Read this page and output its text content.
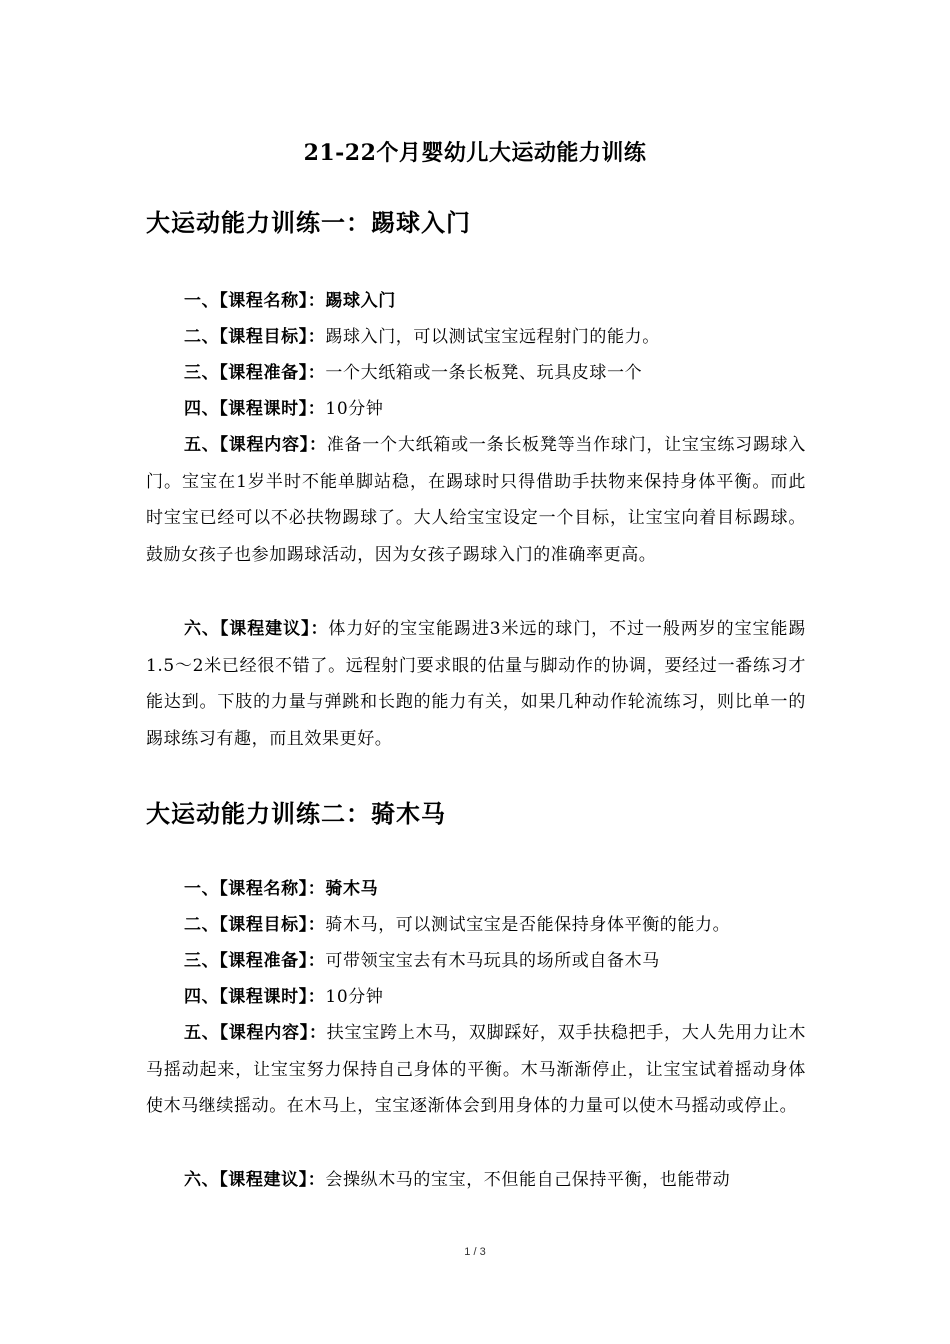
21-22个月婴幼儿大运动能力训练
大运动能力训练一：踢球入门
一、【课程名称】：踢球入门
二、【课程目标】：踢球入门，可以测试宝宝远程射门的能力。
三、【课程准备】：一个大纸箱或一条长板凳、玩具皮球一个
四、【课程课时】：10分钟
五、【课程内容】：准备一个大纸箱或一条长板凳等当作球门，让宝宝练习踢球入门。宝宝在1岁半时不能单脚站稳，在踢球时只得借助手扶物来保持身体平衡。而此时宝宝已经可以不必扶物踢球了。大人给宝宝设定一个目标，让宝宝向着目标踢球。鼓励女孩子也参加踢球活动，因为女孩子踢球入门的准确率更高。
六、【课程建议】：体力好的宝宝能踢进3米远的球门，不过一般两岁的宝宝能踢1.5～2米已经很不错了。远程射门要求眼的估量与脚动作的协调，要经过一番练习才能达到。下肢的力量与弹跳和长跑的能力有关，如果几种动作轮流练习，则比单一的踢球练习有趣，而且效果更好。
大运动能力训练二：骑木马
一、【课程名称】：骑木马
二、【课程目标】：骑木马，可以测试宝宝是否能保持身体平衡的能力。
三、【课程准备】：可带领宝宝去有木马玩具的场所或自备木马
四、【课程课时】：10分钟
五、【课程内容】：扶宝宝跨上木马，双脚踩好，双手扶稳把手，大人先用力让木马摇动起来，让宝宝努力保持自己身体的平衡。木马渐渐停止，让宝宝试着摇动身体使木马继续摇动。在木马上，宝宝逐渐体会到用身体的力量可以使木马摇动或停止。
六、【课程建议】：会操纵木马的宝宝，不但能自己保持平衡，也能带动
1 / 3
